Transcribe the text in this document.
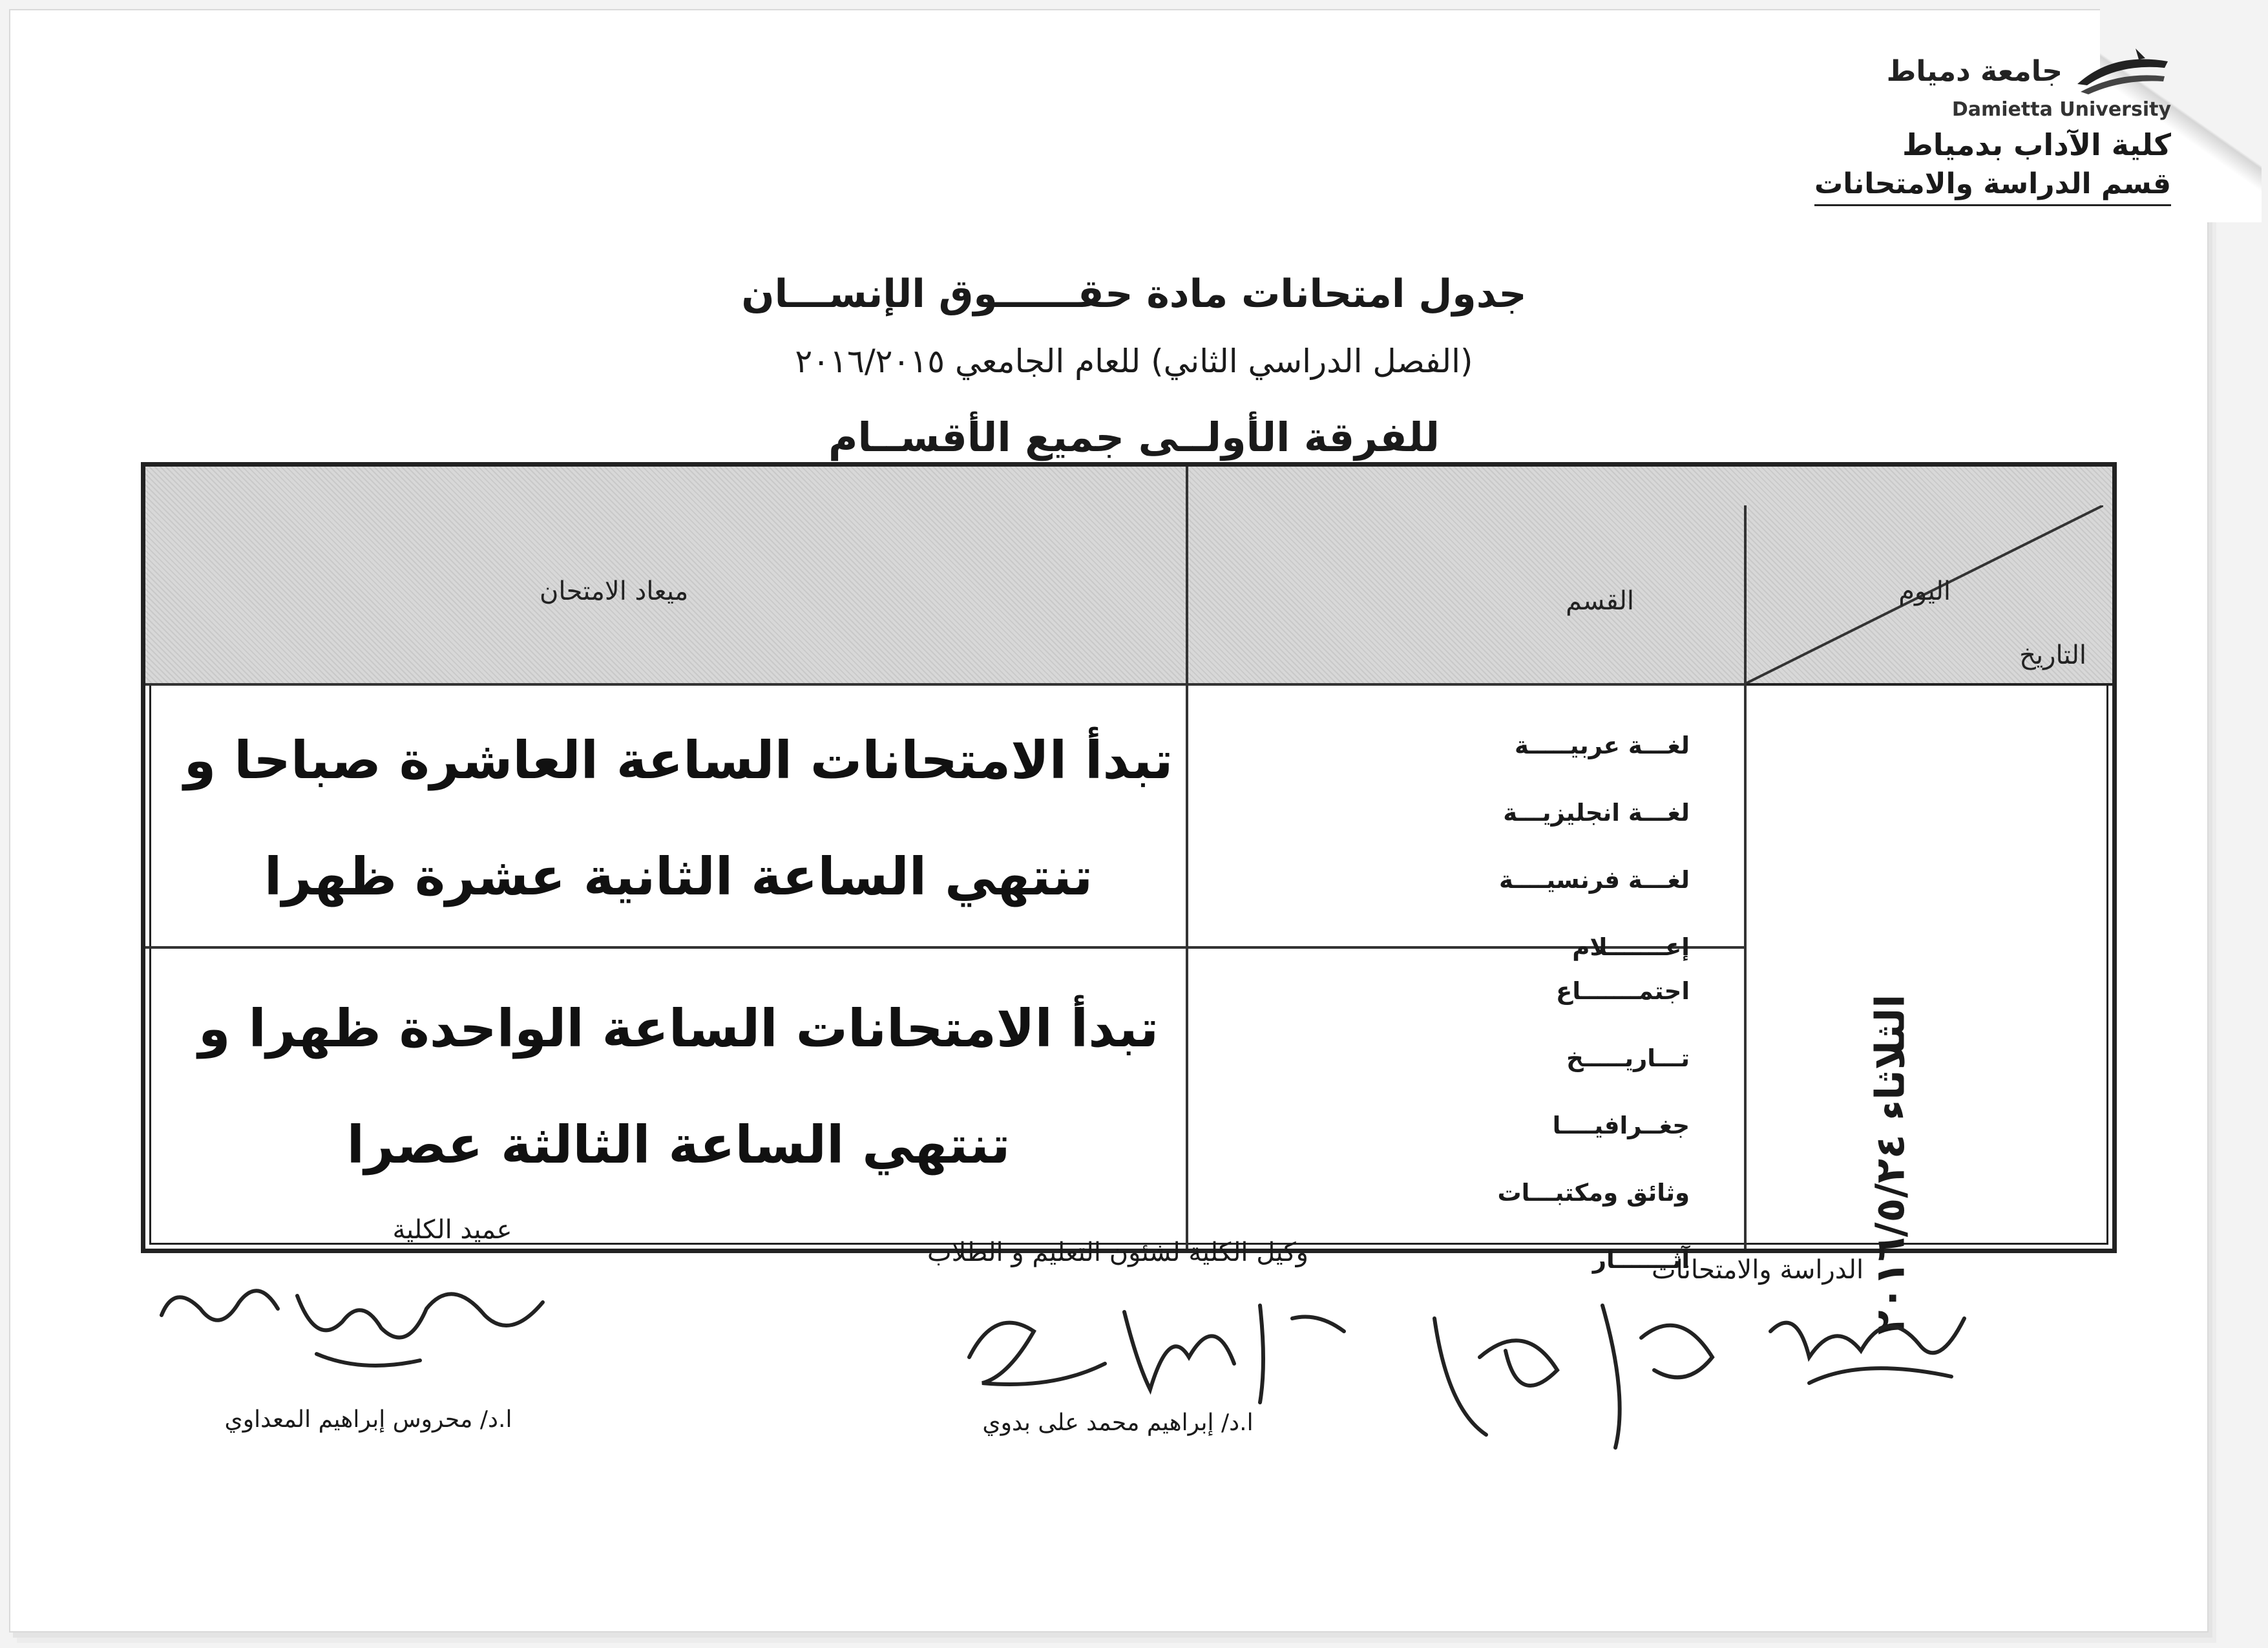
جامعة دمياط
Damietta University
كلية الآداب بدمياط
قسم الدراسة والامتحانات
جدول امتحانات مادة حقــــــوق الإنســـان
(الفصل الدراسي الثاني) للعام الجامعي ٢٠١٦/٢٠١٥
للفرقة الأولــى جميع الأقســام
اليوم
التاريخ
القسم
ميعاد الامتحان
تبدأ الامتحانات الساعة العاشرة صباحا و
تنتهي الساعة الثانية عشرة ظهرا
لغـــة عربيـــــة
لغـــة انجليزيـــة
لغـــة فرنسيــــة
إعـــــــلام
تبدأ الامتحانات الساعة الواحدة ظهرا و
تنتهي الساعة الثالثة عصرا
اجتمـــــــاع
تـــاريـــــخ
جغــرافيــــا
وثائق ومكتبـــات
آثـــــــار	الثلاثاء ٢٠١٦/٥/٢٤
الدراسة والامتحانات
وكيل الكلية لشئون التعليم و الطلاب
ا.د/ إبراهيم محمد على بدوي
عميد الكلية
ا.د/ محروس إبراهيم المعداوي
